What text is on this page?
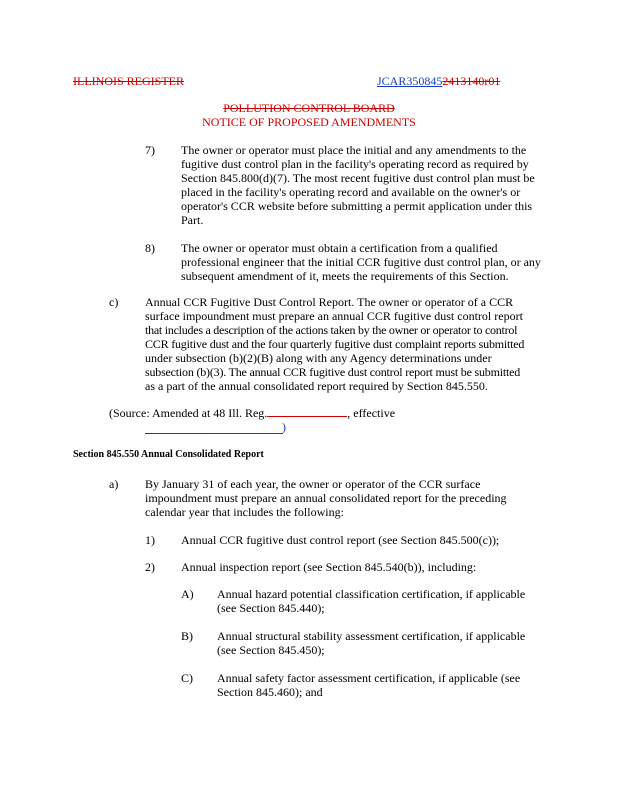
ILLINOIS REGISTER	JCAR3508452413140r01
POLLUTION CONTROL BOARD
NOTICE OF PROPOSED AMENDMENTS
7) The owner or operator must place the initial and any amendments to the
fugitive dust control plan in the facility's operating record as required by
Section 845.800(d)(7). The most recent fugitive dust control plan must be
placed in the facility's operating record and available on the owner's or
operator's CCR website before submitting a permit application under this
Part.
8) The owner or operator must obtain a certification from a qualified
professional engineer that the initial CCR fugitive dust control plan, or any
subsequent amendment of it, meets the requirements of this Section.
c) Annual CCR Fugitive Dust Control Report. The owner or operator of a CCR
surface impoundment must prepare an annual CCR fugitive dust control report
that includes a description of the actions taken by the owner or operator to control
CCR fugitive dust and the four quarterly fugitive dust complaint reports submitted
under subsection (b)(2)(B) along with any Agency determinations under
subsection (b)(3). The annual CCR fugitive dust control report must be submitted
as a part of the annual consolidated report required by Section 845.550.
(Source: Amended at 48 Ill. Reg.	, effective
)
Section 845.550 Annual Consolidated Report
a) By January 31 of each year, the owner or operator of the CCR surface
impoundment must prepare an annual consolidated report for the preceding
calendar year that includes the following:
1) Annual CCR fugitive dust control report (see Section 845.500(c));
2) Annual inspection report (see Section 845.540(b)), including:
A) Annual hazard potential classification certification, if applicable
(see Section 845.440);
B) Annual structural stability assessment certification, if applicable
(see Section 845.450);
C) Annual safety factor assessment certification, if applicable (see
Section 845.460); and
